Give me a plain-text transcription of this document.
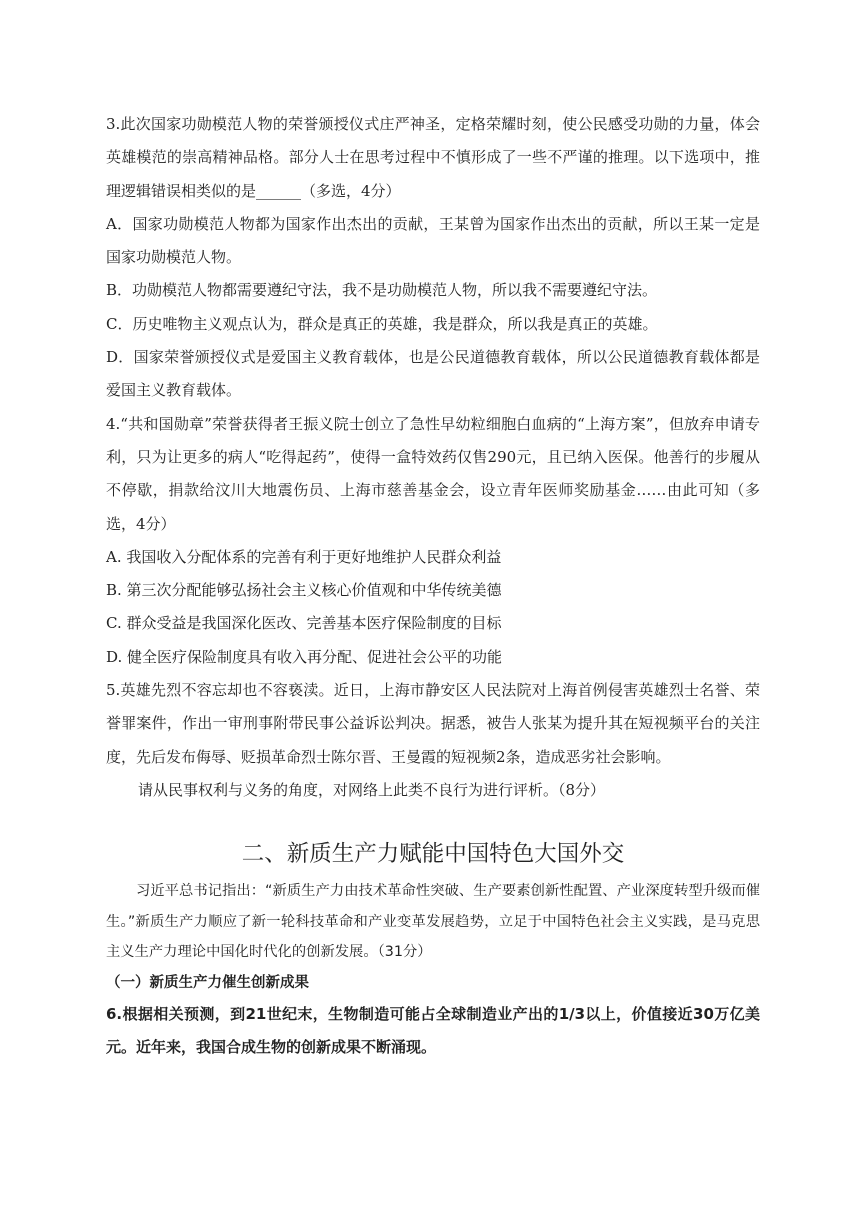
3.此次国家功勋模范人物的荣誉颁授仪式庄严神圣，定格荣耀时刻，使公民感受功勋的力量，体会英雄模范的崇高精神品格。部分人士在思考过程中不慎形成了一些不严谨的推理。以下选项中，推理逻辑错误相类似的是______（多选，4分）

A．国家功勋模范人物都为国家作出杰出的贡献，王某曾为国家作出杰出的贡献，所以王某一定是国家功勋模范人物。

B．功勋模范人物都需要遵纪守法，我不是功勋模范人物，所以我不需要遵纪守法。

C．历史唯物主义观点认为，群众是真正的英雄，我是群众，所以我是真正的英雄。

D．国家荣誉颁授仪式是爱国主义教育载体，也是公民道德教育载体，所以公民道德教育载体都是爱国主义教育载体。

4.“共和国勋章”荣誉获得者王振义院士创立了急性早幼粒细胞白血病的“上海方案”，但放弃申请专利，只为让更多的病人“吃得起药”，使得一盒特效药仅售290元，且已纳入医保。他善行的步履从不停歇，捐款给汶川大地震伤员、上海市慈善基金会，设立青年医师奖励基金……由此可知（多选，4分）

A. 我国收入分配体系的完善有利于更好地维护人民群众利益

B. 第三次分配能够弘扬社会主义核心价值观和中华传统美德

C. 群众受益是我国深化医改、完善基本医疗保险制度的目标

D. 健全医疗保险制度具有收入再分配、促进社会公平的功能

5.英雄先烈不容忘却也不容亵渎。近日，上海市静安区人民法院对上海首例侵害英雄烈士名誉、荣誉罪案件，作出一审刑事附带民事公益诉讼判决。据悉，被告人张某为提升其在短视频平台的关注度，先后发布侮辱、贬损革命烈士陈尔晋、王曼霞的短视频2条，造成恶劣社会影响。

请从民事权利与义务的角度，对网络上此类不良行为进行评析。（8分）

二、新质生产力赋能中国特色大国外交

习近平总书记指出：“新质生产力由技术革命性突破、生产要素创新性配置、产业深度转型升级而催生。”新质生产力顺应了新一轮科技革命和产业变革发展趋势，立足于中国特色社会主义实践，是马克思主义生产力理论中国化时代化的创新发展。（31分）

（一）新质生产力催生创新成果

6.根据相关预测，到21世纪末，生物制造可能占全球制造业产出的1/3以上，价值接近30万亿美元。近年来，我国合成生物的创新成果不断涌现。
